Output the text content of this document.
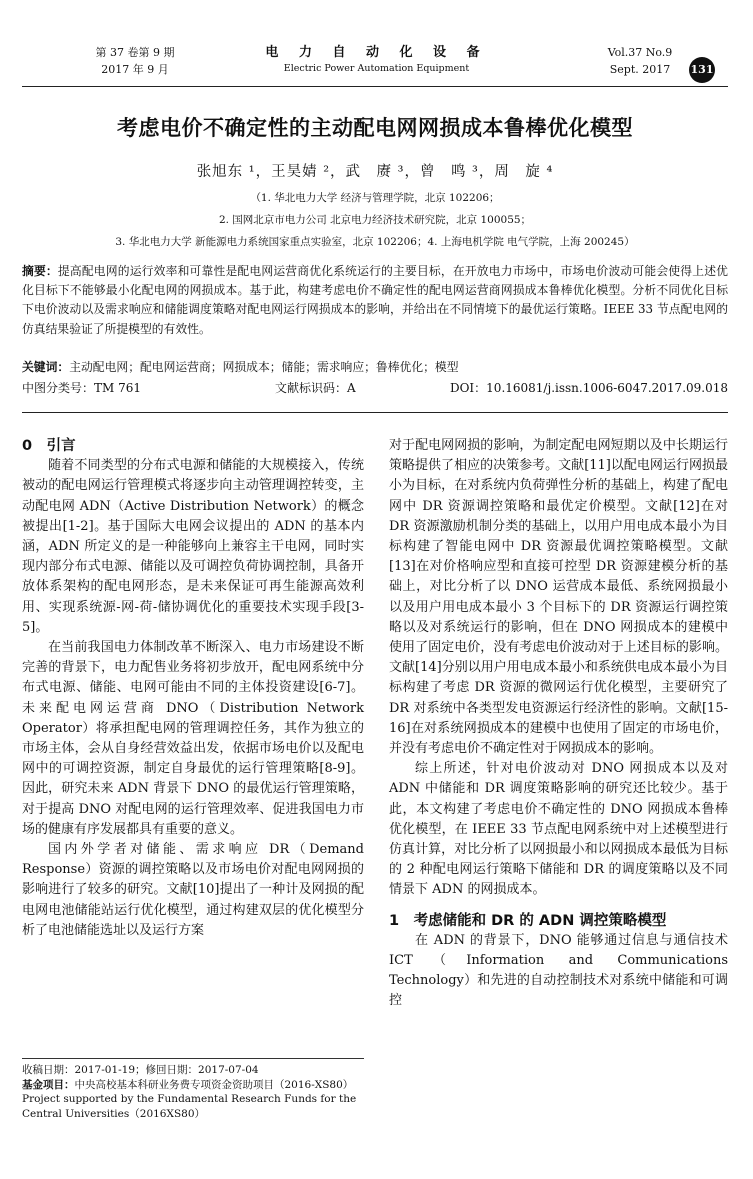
第 37 卷第 9 期
2017 年 9 月
电 力 自 动 化 设 备
Electric Power Automation Equipment
Vol.37 No.9
Sept. 2017	131
考虑电价不确定性的主动配电网网损成本鲁棒优化模型
张旭东 ¹，王昊婧 ²，武　赓 ³，曾　鸣 ³，周　旋 ⁴
（1. 华北电力大学 经济与管理学院，北京 102206；
2. 国网北京市电力公司 北京电力经济技术研究院，北京 100055；
3. 华北电力大学 新能源电力系统国家重点实验室，北京 102206；4. 上海电机学院 电气学院，上海 200245）
摘要：提高配电网的运行效率和可靠性是配电网运营商优化系统运行的主要目标，在开放电力市场中，市场电价波动可能会使得上述优化目标下不能够最小化配电网的网损成本。基于此，构建考虑电价不确定性的配电网运营商网损成本鲁棒优化模型。分析不同优化目标下电价波动以及需求响应和储能调度策略对配电网运行网损成本的影响，并给出在不同情境下的最优运行策略。IEEE 33 节点配电网的仿真结果验证了所提模型的有效性。
关键词：主动配电网；配电网运营商；网损成本；储能；需求响应；鲁棒优化；模型
中图分类号：TM 761	文献标识码：A	DOI：10.16081/j.issn.1006-6047.2017.09.018

0　引言

随着不同类型的分布式电源和储能的大规模接入，传统被动的配电网运行管理模式将逐步向主动管理调控转变，主动配电网 ADN（Active Distribution Network）的概念被提出[1-2]。基于国际大电网会议提出的 ADN 的基本内涵，ADN 所定义的是一种能够向上兼容主干电网，同时实现内部分布式电源、储能以及可调控负荷协调控制，具备开放体系架构的配电网形态，是未来保证可再生能源高效利用、实现系统源-网-荷-储协调优化的重要技术实现手段[3-5]。

在当前我国电力体制改革不断深入、电力市场建设不断完善的背景下，电力配售业务将初步放开，配电网系统中分布式电源、储能、电网可能由不同的主体投资建设[6-7]。未来配电网运营商 DNO（Distribution Network Operator）将承担配电网的管理调控任务，其作为独立的市场主体，会从自身经营效益出发，依据市场电价以及配电网中的可调控资源，制定自身最优的运行管理策略[8-9]。因此，研究未来 ADN 背景下 DNO 的最优运行管理策略，对于提高 DNO 对配电网的运行管理效率、促进我国电力市场的健康有序发展都具有重要的意义。

国内外学者对储能、需求响应 DR（Demand Response）资源的调控策略以及市场电价对配电网网损的影响进行了较多的研究。文献[10]提出了一种计及网损的配电网电池储能站运行优化模型，通过构建双层的优化模型分析了电池储能选址以及运行方案

收稿日期：2017-01-19；修回日期：2017-07-04
基金项目：中央高校基本科研业务费专项资金资助项目（2016-XS80）
Project supported by the Fundamental Research Funds for the Central Universities（2016XS80）

对于配电网网损的影响，为制定配电网短期以及中长期运行策略提供了相应的决策参考。文献[11]以配电网运行网损最小为目标，在对系统内负荷弹性分析的基础上，构建了配电网中 DR 资源调控策略和最优定价模型。文献[12]在对 DR 资源激励机制分类的基础上，以用户用电成本最小为目标构建了智能电网中 DR 资源最优调控策略模型。文献[13]在对价格响应型和直接可控型 DR 资源建模分析的基础上，对比分析了以 DNO 运营成本最低、系统网损最小以及用户用电成本最小 3 个目标下的 DR 资源运行调控策略以及对系统运行的影响，但在 DNO 网损成本的建模中使用了固定电价，没有考虑电价波动对于上述目标的影响。文献[14]分别以用户用电成本最小和系统供电成本最小为目标构建了考虑 DR 资源的微网运行优化模型，主要研究了 DR 对系统中各类型发电资源运行经济性的影响。文献[15-16]在对系统网损成本的建模中也使用了固定的市场电价，并没有考虑电价不确定性对于网损成本的影响。

综上所述，针对电价波动对 DNO 网损成本以及对 ADN 中储能和 DR 调度策略影响的研究还比较少。基于此，本文构建了考虑电价不确定性的 DNO 网损成本鲁棒优化模型，在 IEEE 33 节点配电网系统中对上述模型进行仿真计算，对比分析了以网损最小和以网损成本最低为目标的 2 种配电网运行策略下储能和 DR 的调度策略以及不同情景下 ADN 的网损成本。

1　考虑储能和 DR 的 ADN 调控策略模型

在 ADN 的背景下，DNO 能够通过信息与通信技术 ICT（Information and Communications Technology）和先进的自动控制技术对系统中储能和可调控
